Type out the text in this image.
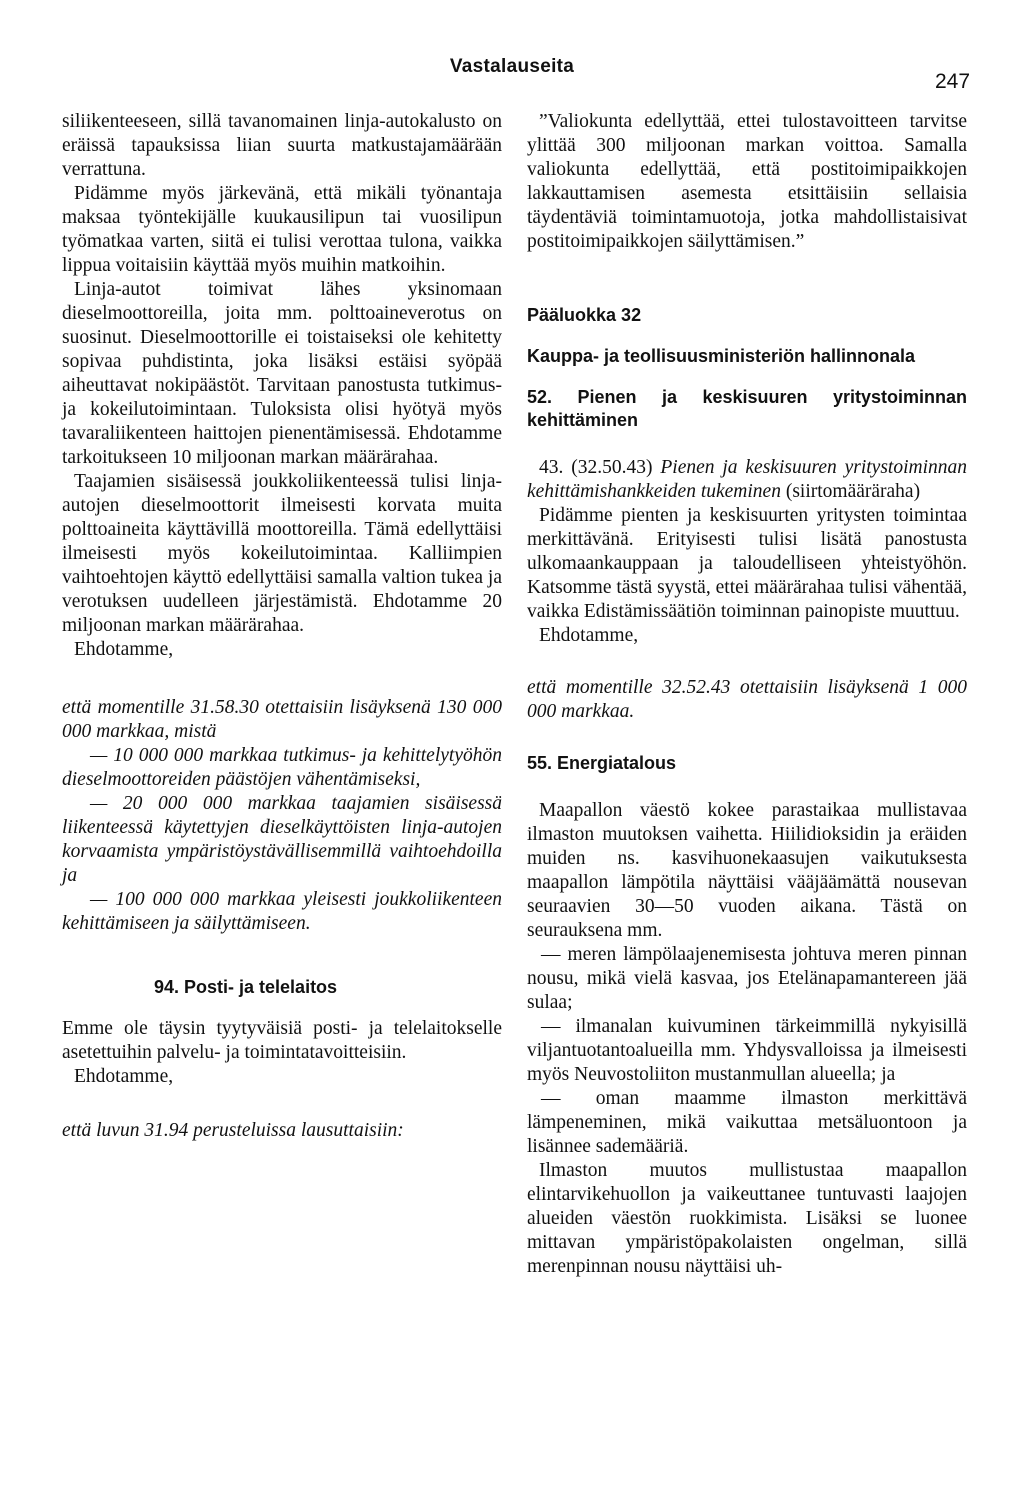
Vastalauseita
247

siliikenteeseen, sillä tavanomainen linja-autokalusto on eräissä tapauksissa liian suurta matkustajamäärään verrattuna.

Pidämme myös järkevänä, että mikäli työnantaja maksaa työntekijälle kuukausilipun tai vuosilipun työmatkaa varten, siitä ei tulisi verottaa tulona, vaikka lippua voitaisiin käyttää myös muihin matkoihin.

Linja-autot toimivat lähes yksinomaan dieselmoottoreilla, joita mm. polttoaineverotus on suosinut. Dieselmoottorille ei toistaiseksi ole kehitetty sopivaa puhdistinta, joka lisäksi estäisi syöpää aiheuttavat nokipäästöt. Tarvitaan panostusta tutkimus- ja kokeilutoimintaan. Tuloksista olisi hyötyä myös tavaraliikenteen haittojen pienentämisessä. Ehdotamme tarkoitukseen 10 miljoonan markan määrärahaa.

Taajamien sisäisessä joukkoliikenteessä tulisi linja-autojen dieselmoottorit ilmeisesti korvata muita polttoaineita käyttävillä moottoreilla. Tämä edellyttäisi ilmeisesti myös kokeilutoimintaa. Kalliimpien vaihtoehtojen käyttö edellyttäisi samalla valtion tukea ja verotuksen uudelleen järjestämistä. Ehdotamme 20 miljoonan markan määrärahaa.

Ehdotamme,

että momentille 31.58.30 otettaisiin lisäyksenä 130 000 000 markkaa, mistä

— 10 000 000 markkaa tutkimus- ja kehittelytyöhön dieselmoottoreiden päästöjen vähentämiseksi,

— 20 000 000 markkaa taajamien sisäisessä liikenteessä käytettyjen dieselkäyttöisten linja-autojen korvaamista ympäristöystävällisemmillä vaihtoehdoilla ja

— 100 000 000 markkaa yleisesti joukkoliikenteen kehittämiseen ja säilyttämiseen.

94. Posti- ja telelaitos

Emme ole täysin tyytyväisiä posti- ja telelaitokselle asetettuihin palvelu- ja toimintatavoitteisiin.

Ehdotamme,

että luvun 31.94 perusteluissa lausuttaisiin:

”Valiokunta edellyttää, ettei tulostavoitteen tarvitse ylittää 300 miljoonan markan voittoa. Samalla valiokunta edellyttää, että postitoimipaikkojen lakkauttamisen asemesta etsittäisiin sellaisia täydentäviä toimintamuotoja, jotka mahdollistaisivat postitoimipaikkojen säilyttämisen.”

Pääluokka 32

Kauppa- ja teollisuusministeriön hallinnonala

52. Pienen ja keskisuuren yritystoiminnan kehittäminen

43. (32.50.43) Pienen ja keskisuuren yritystoiminnan kehittämishankkeiden tukeminen (siirtomääräraha)

Pidämme pienten ja keskisuurten yritysten toimintaa merkittävänä. Erityisesti tulisi lisätä panostusta ulkomaankauppaan ja taloudelliseen yhteistyöhön. Katsomme tästä syystä, ettei määrärahaa tulisi vähentää, vaikka Edistämissäätiön toiminnan painopiste muuttuu.

Ehdotamme,

että momentille 32.52.43 otettaisiin lisäyksenä 1 000 000 markkaa.

55. Energiatalous

Maapallon väestö kokee parastaikaa mullistavaa ilmaston muutoksen vaihetta. Hiilidioksidin ja eräiden muiden ns. kasvihuonekaasujen vaikutuksesta maapallon lämpötila näyttäisi vääjäämättä nousevan seuraavien 30—50 vuoden aikana. Tästä on seurauksena mm.

— meren lämpölaajenemisesta johtuva meren pinnan nousu, mikä vielä kasvaa, jos Etelänapamantereen jää sulaa;

— ilmanalan kuivuminen tärkeimmillä nykyisillä viljantuotantoalueilla mm. Yhdysvalloissa ja ilmeisesti myös Neuvostoliiton mustanmullan alueella; ja

— oman maamme ilmaston merkittävä lämpeneminen, mikä vaikuttaa metsäluontoon ja lisännee sademääriä.

Ilmaston muutos mullistustaa maapallon elintarvikehuollon ja vaikeuttanee tuntuvasti laajojen alueiden väestön ruokkimista. Lisäksi se luonee mittavan ympäristöpakolaisten ongelman, sillä merenpinnan nousu näyttäisi uh-
